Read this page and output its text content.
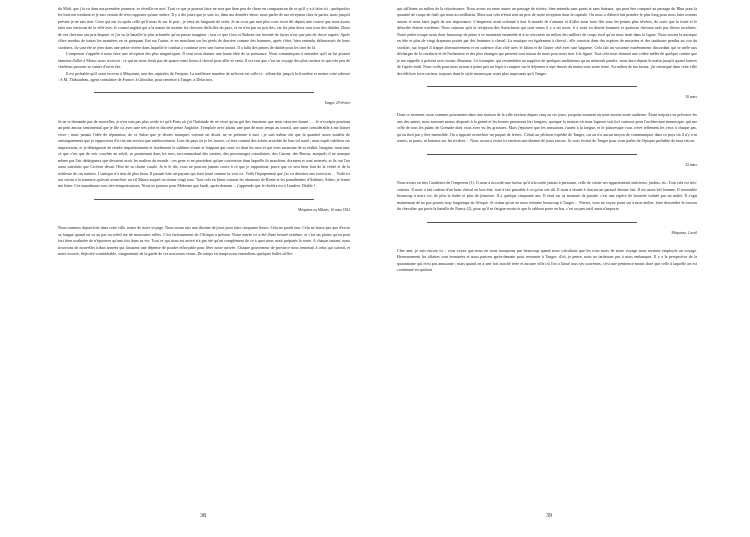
du Midi, que j'ai vu dans ma première jeunesse, se réveille en moi. Tout ce que je pourrai faire ne sera que bien peu de chose en comparaison de ce qu'il y a à faire ici ; quelquefois les bras me tombent et je suis certain de n'en rapporter qu'une ombre. Il y a dix jours que je suis ici, dans ma dernière lettre, nous parler de ma réception chez le pacha, mais jusqu'à présent je ne sais rien. Ceux qui ont vu après celle qu'il nous fit sur le port ; je veux en fatiguant de venir. Je ne crois pas non plus vous avoir dit depuis une course que nous avons faite aux environs de la ville avec le consul anglais qui a la manie de monter les chevaux difficiles du pays, et en n'en pas eu pris des, car les plus doux sont tous des diables. Deux de ces chevaux ont pris dispute, et j'ai vu la bataille la plus acharnée qu'on puisse imaginer ; tout ce que Gros et Rubens ont inventé de furies n'est que peu de chose auprès. Après s'être mordus de toutes les manières en se grimpant l'un sur l'autre, et en marchant sur les pieds de derrière comme des hommes, après s'être, bien entendu, débarrassés de leurs cavaliers, ils sont été se jeter dans une petite rivière dans laquelle le combat a continué avec une fureur inouïe. Il a fallu des peines de diable pour les tirer de là.

L'empereur s'apprête à nous faire une réception des plus magnifiques. Il veut nous donner une haute idée de sa puissance. Nous commençons à entendre qu'il ne lui promet fameuse d'aller à Maroc nous recevoir : ce qui ne nous ferait pas de quatre cents lieues à cheval pour aller et venir. Il est vrai que c'est un voyage des plus curieux et que très peu de chrétiens peuvent se vanter d'avoir fait.

Il est probable qu'il nous recevra à Méquinez, une des capitales de l'empire. La meilleure manière de m'écrire est celle-ci : affranchir jusqu'à la frontière et mettre cette adresse : A M. Thibaudeau, agent consulaire de France, à Gibraltar, pour remettre à Tanger, à Delacroix.

Tanger, 29 février

Je ne te demande pas de nouvelles, je n'en suis pas plus avide ici qu'à Paris où j'ai l'habitude de ne vivre qu'au gré des émotions que mon cœur me donne . . . Je n'excepte pourtant un petit amour sentimental que je file ici avec une très jolie et discrète petite Anglaise. J'emploie avec plaisir une part de mon temps au travail, une autre considérable à me laisser vivre ; mais jamais l'idée de réputation, de ce Salon que je devais manquer, comme on disait, ne se présente à moi ; je suis même sûr que la quantité assez notable de renseignements que je rapporterai d'ici ne me servira que médiocrement. Loin du pays où je les trouve, ce sera comme des arbres arrachés de leur sol natal ; mon esprit oubliera ces impressions, et je dédaignerai de rendre imparfaitement et froidement le sublime vivant et frappant qui court ici dans les rues et qui vous assassine de sa réalité. Imagine, mon ami, ce que c'est que de voir couchés au soleil, se promenant dans les rues, raccommodant des savates, des personnages consulaires, des Catons, des Brutus, auxquels il ne manque même pas l'air dédaigneux que devaient avoir les maîtres du monde ; ces gens-ci ne possèdent qu'une couverture dans laquelle ils marchent, dorment et sont enterrés, et ils ont l'air aussi satisfaits que Cicéron devait l'être de sa chaise curule. Je te le dis, vous ne pourrez jamais croire à ce que je rapporterai, parce que ce sera bien loin de la vérité et de la noblesse de ces natures. L'antique n'a rien de plus beau. Il passait hier un paysan qui était fouté comme tu vois ici. Voilà l'équipement que j'ai vu dessiner aux exercices ... Voilà ici ton voisin à la tournure qu'avait avant-hier un vil Maure auquel on donne vingt sous. Tout cela en blanc comme les sénateurs de Rome et les panathénées d'Athènes. Adieu, je ferme ma lettre. Ces musulmans sont très-temporisateurs. Nous ne partons pour Mekenez que lundi, après-demain ... j'apprends que le choléra est à Londres. Diable !

Méquinez ou Miknès, 16 mars 1832

Nous sommes depuis hier dans cette ville, terme de notre voyage. Nous avons mis une dizaine de jours pour faire cinquante lieues. Cela ne paraît rien. Cela ne laisse pas que d'avoir sa fatigue quand on va au pas au soleil sur de mauvaises selles. C'est furieusement de l'Afrique à présent. Notre entrée ici a été d'une beauté extrême, et c'est un plaisir qu'on peut fort bien souhaiter de n'éprouver qu'une fois dans sa vie. Tout ce qui nous est arrivé n'a pas été qu'un complément de ce à quoi nous avait préparés la route. A chaque instant, nous trouvions de nouvelles tribus armées qui faisaient une dépense de poudre effroyable pour fêter notre arrivée. Chaque gouverneur de province nous remettait à celui qui suivait, et notre escorte, déjà très-considérable, s'augmentait de la garde de ces nouveaux venus. De temps en temps nous entendions quelques balles siffler.

38

qui sifflaient au milieu de la réjouissance. Nous avons eu entre autres un passage de rivière, bien entendu sans ponts et sans bateaux, qui peut être comparé au passage du Rhin pour la quantité de coups de fusil qui nous accueillaient. Mais tout cela n'était rien au prix de notre réception dans la capitale. On nous a d'abord fait prendre le plus long pour nous faire tourner autour et nous faire jugés de son importance. L'empereur avait ordonné à tout le monde de s'amuser et d'aller nous faire fête sous les peines plus sévères, de sorte que la foule et le désordre étaient extrêmes. Nous saisions qu'à la réception des Autrichiens qui sont venus il y a six mois, il y avait eu disette hommes et quatorze chevaux tués par divers accidents. Notre petite troupe avait donc beaucoup de peine à se maintenir ensemble et à se retrouver au milieu des milliers de coups fusil qu'on nous tirait dans la figure. Nous avions la musique en tête et plus de vingt drapeaux portés par des hommes à cheval. La musique est également à cheval : elle consiste dans des espèces de musettes et des tambours pendus au cou du cavalier, sur lequel il frappe alternativement et en cadence d'un côté avec le bâton et de l'autre côté avec une baguette. Cela fait un vacarme extrêmement discordant qui se mêle aux décharges de la cavalerie et de l'infanterie et des plus étranges qui peuvent tout autour de nous pour nous tirer à la figure. Tout cela nous donnait une colère mêlée de quelque crainte que je me rappelle à présent avec moins d'humeur. Ce triomphe, qui ressemblait au supplice de quelques malfaiteurs qu'on mènerait pendre, nous dura depuis le matin jusqu'à quatre heures de l'après-midi. Nous voilà pour nous avions à peine pris un léger à compter sur le déjeuner à sept heures du matin sous notre tente. Au milieu de ma fureur, j'ai remarqué dans cette ville des édifices forts curieux toujours dans le style mauresque, mais plus imposants qu'à Tanger.

20 mars

Dans ce moment, nous sommes prisonniers dans une maison de la ville environ depuis cinq ou six jours, jusqu'au moment où nous aurons notre audience. Étant toujours en présence les uns des autres, nous sommes moins disposés à la gaieté et les heures paraissent fort longues, quoique la maison où nous logeons soit fort curieuse pour l'architecture mauresque, qui me celle de tous les palais de Grenade dont vous avez vu les gravures. Mais j'éprouve que les sensations s'usent à la longue, et le pittoresque vous crève tellement les yeux à chaque pas, qu'on finit par y être insensible. On a apporté avant-hier un paquet de lettres. C'était un pêcheur expédié de Tanger, car on n'a aucun moyen de communiquer dans ce pays où il n'y a ni routes, ni ponts, ni bateaux sur les rivières ... Nous avons à rester ici environ une dizaine de jours encore. Je vous écrirai de Tanger pour vous parler de l'époque probable de mon retour.

25 mars

Nous avons eu hier l'audience de l'empereur (1). Il nous a accordé une faveur qu'il n'accorde jamais à personne, celle de visiter ses appartements intérieurs, jardins, etc. Tout cela est très-curieux. Il nous a fait cadeau d'un beau cheval en bon état, tout à fait passable à ce qu'on me dit. Il nous a donné à chacun un parasol dernier fait. Il est assez bel homme. Il ressemble beaucoup à notre roi, de plus la barbe et plus de jeunesse. Il a quelque cinquante ans. Il était sur sa monture de parade, c'est une espèce de brouette traînée par un mulet. Il s'agit maintenant de ne pas pourrir trop longtemps en Afrique. Je crains qu'on ne nous retienne beaucoup à Tanger ... Pierret, vous ne voyez point sur à mon atelier, faire descendre le tresson du chevalier qui porte la bataille de Nancy (2), pour qu'il se fatigue moins et que le tableau porte en bas, c'est un peu tard, mais n'importe.

Méquinez, 2 avril

Cher ami, je suis encore ici ; vous voyez que nous ne nous trompions pas beaucoup quand nous calculions que les trois mois de notre voyage nous seraient employés au voyage. Heureusement les affaires sont terminées et nous partons après-demain pour retourner à Tanger, d'où, je pense, nous ne tarderons pas à nous embarquer. Il y a la perspective de la quarantaine qui n'est pas amusante ; mais quand on a une fois touché terre et aucune ville où l'on a laissé tous ses souvenirs, c'est une pénitence moins dure que celle à laquelle on est condamné en quittant

39
